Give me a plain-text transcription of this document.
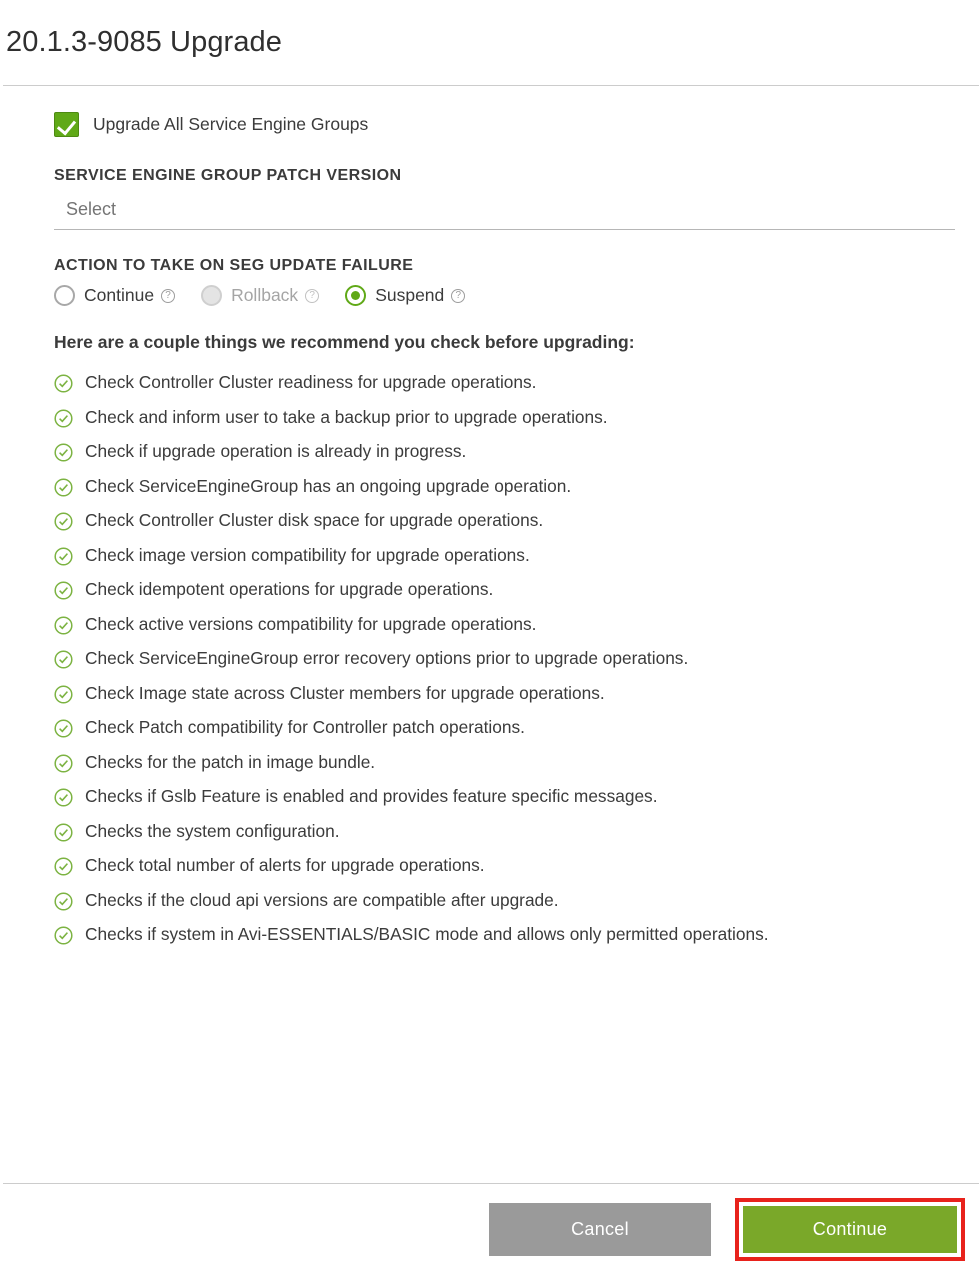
20.1.3-9085 Upgrade
Upgrade All Service Engine Groups
SERVICE ENGINE GROUP PATCH VERSION
Select
ACTION TO TAKE ON SEG UPDATE FAILURE
Continue	?	Rollback	?	Suspend	?
Here are a couple things we recommend you check before upgrading:
Check Controller Cluster readiness for upgrade operations.
Check and inform user to take a backup prior to upgrade operations.
Check if upgrade operation is already in progress.
Check ServiceEngineGroup has an ongoing upgrade operation.
Check Controller Cluster disk space for upgrade operations.
Check image version compatibility for upgrade operations.
Check idempotent operations for upgrade operations.
Check active versions compatibility for upgrade operations.
Check ServiceEngineGroup error recovery options prior to upgrade operations.
Check Image state across Cluster members for upgrade operations.
Check Patch compatibility for Controller patch operations.
Checks for the patch in image bundle.
Checks if Gslb Feature is enabled and provides feature specific messages.
Checks the system configuration.
Check total number of alerts for upgrade operations.
Checks if the cloud api versions are compatible after upgrade.
Checks if system in Avi-ESSENTIALS/BASIC mode and allows only permitted operations.
Cancel	Continue
